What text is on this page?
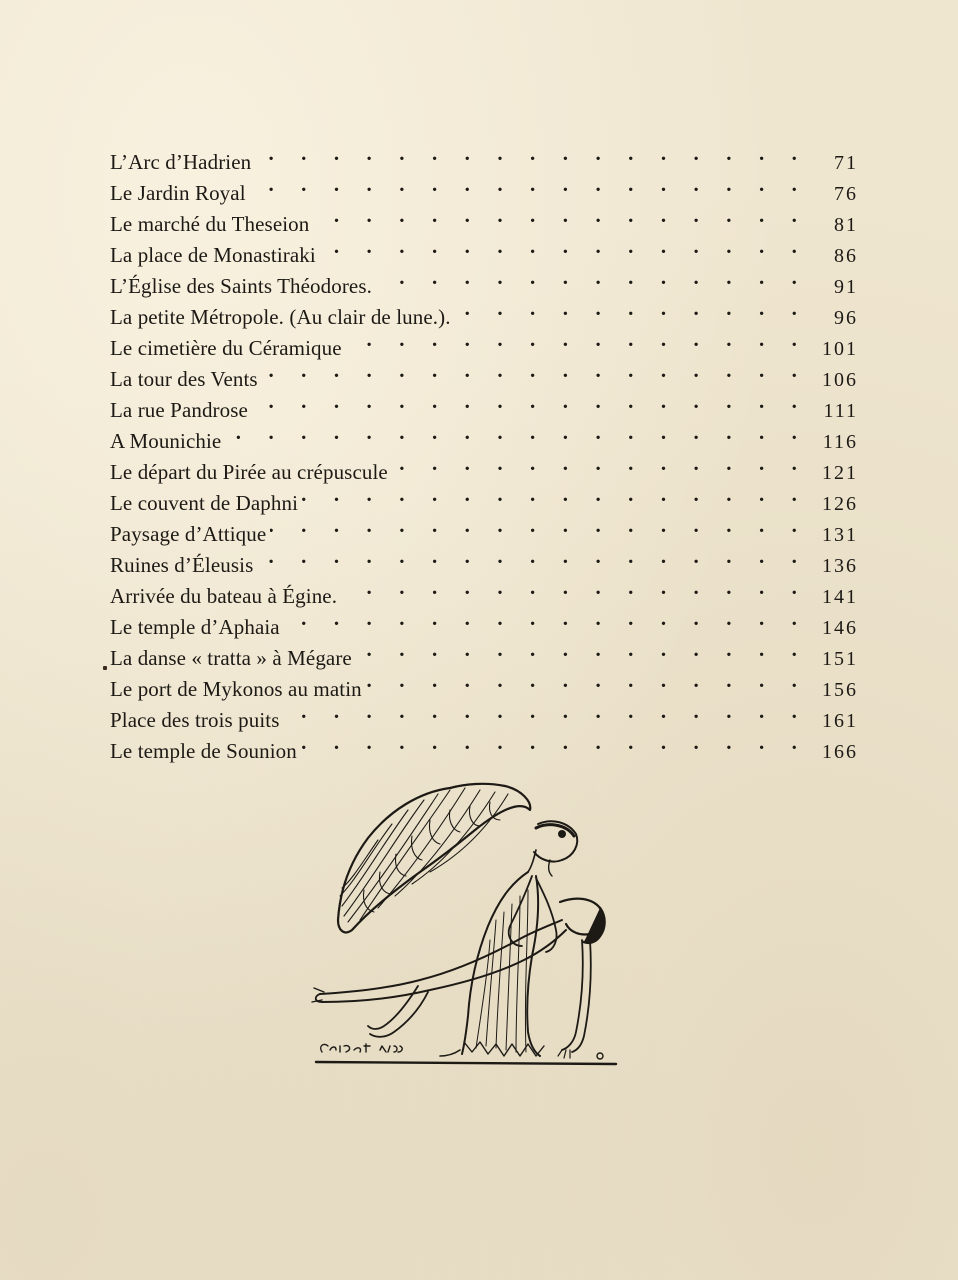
L’Arc d’Hadrien . . .	71
Le Jardin Royal . . .	76
Le marché du Theseion . . .	81
La place de Monastiraki . . .	86
L’Église des Saints Théodores. . . .	91
La petite Métropole. (Au clair de lune.). . . .	96
Le cimetière du Céramique . . .	101
La tour des Vents . . .	106
La rue Pandrose . . .	111
A Mounichie . . .	116
Le départ du Pirée au crépuscule . . .	121
Le couvent de Daphni . . .	126
Paysage d’Attique . . .	131
Ruines d’Éleusis . . .	136
Arrivée du bateau à Égine. . . .	141
Le temple d’Aphaia . . .	146
La danse « tratta » à Mégare . . .	151
Le port de Mykonos au matin . . .	156
Place des trois puits . . .	161
Le temple de Sounion . . .	166
